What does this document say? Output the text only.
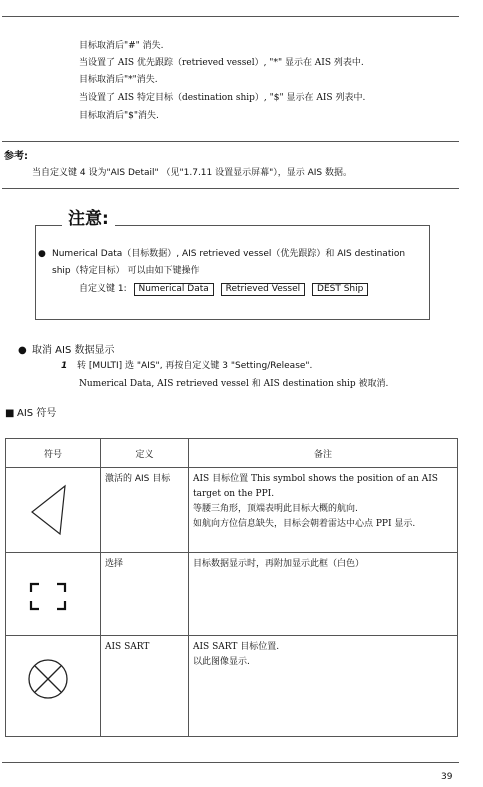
目标取消后"#" 消失.
当设置了 AIS 优先跟踪（retrieved vessel）, "*" 显示在 AIS 列表中.
目标取消后"*"消失.
当设置了 AIS 特定目标（destination ship）, "$" 显示在 AIS 列表中.
目标取消后"$"消失.
参考:
当自定义键 4 设为"AIS Detail" （见"1.7.11 设置显示屏幕"），显示 AIS 数据。
注意:
● Numerical Data（目标数据）, AIS retrieved vessel（优先跟踪）和 AIS destination
ship（特定目标） 可以由如下键操作
自定义键 1: Numerical Data Retrieved Vessel DEST Ship
● 取消 AIS 数据显示
1 转 [MULTI] 选 "AIS", 再按自定义键 3 "Setting/Release".
Numerical Data, AIS retrieved vessel 和 AIS destination ship 被取消.
■ AIS 符号
符号	定义	备注
	激活的 AIS 目标	AIS 目标位置 This symbol shows the position of an AIS target on the PPI.
等腰三角形，顶端表明此目标大概的航向.
如航向方位信息缺失，目标会朝着雷达中心点 PPI 显示.

	选择	目标数据显示时，再附加显示此框（白色）

	AIS SART	AIS SART 目标位置.
以此图像显示.
39
